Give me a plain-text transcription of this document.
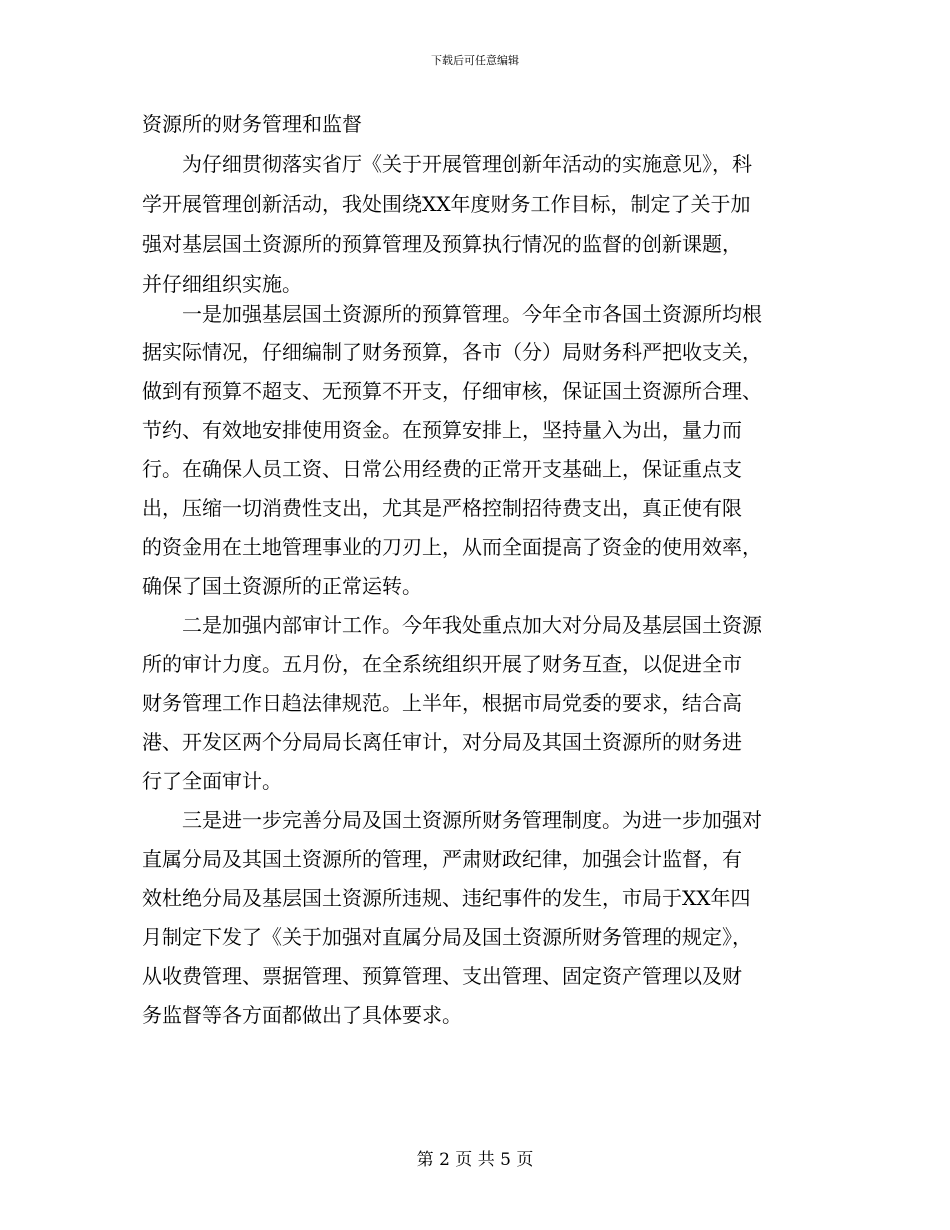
下载后可任意编辑
资源所的财务管理和监督
　　为仔细贯彻落实省厅《关于开展管理创新年活动的实施意见》，科
学开展管理创新活动，我处围绕XX年度财务工作目标，制定了关于加
强对基层国土资源所的预算管理及预算执行情况的监督的创新课题，
并仔细组织实施。
　　一是加强基层国土资源所的预算管理。今年全市各国土资源所均根
据实际情况，仔细编制了财务预算，各市（分）局财务科严把收支关，
做到有预算不超支、无预算不开支，仔细审核，保证国土资源所合理、
节约、有效地安排使用资金。在预算安排上，坚持量入为出，量力而
行。在确保人员工资、日常公用经费的正常开支基础上，保证重点支
出，压缩一切消费性支出，尤其是严格控制招待费支出，真正使有限
的资金用在土地管理事业的刀刃上，从而全面提高了资金的使用效率，
确保了国土资源所的正常运转。
　　二是加强内部审计工作。今年我处重点加大对分局及基层国土资源
所的审计力度。五月份，在全系统组织开展了财务互查，以促进全市
财务管理工作日趋法律规范。上半年，根据市局党委的要求，结合高
港、开发区两个分局局长离任审计，对分局及其国土资源所的财务进
行了全面审计。
　　三是进一步完善分局及国土资源所财务管理制度。为进一步加强对
直属分局及其国土资源所的管理，严肃财政纪律，加强会计监督，有
效杜绝分局及基层国土资源所违规、违纪事件的发生，市局于XX年四
月制定下发了《关于加强对直属分局及国土资源所财务管理的规定》，
从收费管理、票据管理、预算管理、支出管理、固定资产管理以及财
务监督等各方面都做出了具体要求。
第 2 页 共 5 页
